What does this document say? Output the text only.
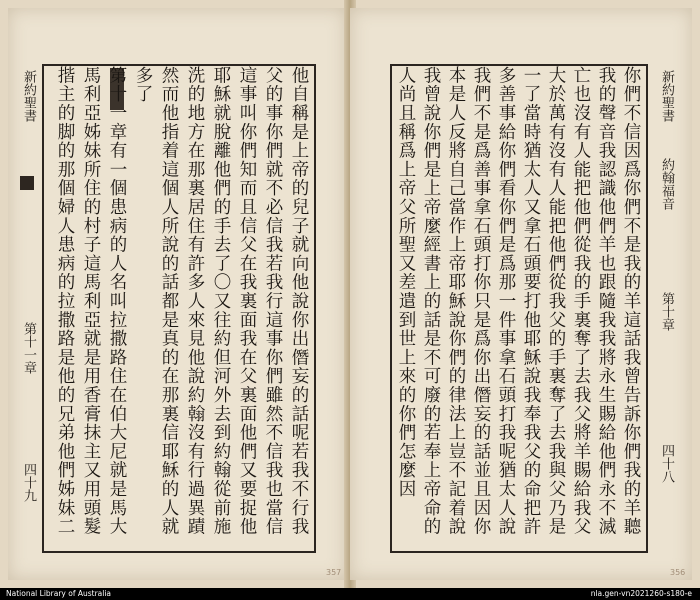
新約聖書
第十一章
四十九	他自稱是上帝的兒子就向他說你出僭妄的話呢若我不行我
父的事你們就不必信我若我行這事你們雖然不信我也當信
這事叫你們知而且信父在我裏面我在父裏面他們又要捉他
耶穌就脫離他們的手去了〇又往約但河外去到約翰從前施
洗的地方在那裏居住有許多人來見他說約翰沒有行過異蹟
然而他指着這個人所說的話都是真的在那裏信耶穌的人就
多了
第十一章有一個患病的人名叫拉撒路住在伯大尼就是馬大
馬利亞姊妹所住的村子這馬利亞就是用香膏抹主又用頭髮
揩主的脚的那個婦人患病的拉撒路是他的兄弟他們姊妹二
357
你們不信因爲你們不是我的羊這話我曾告訴你們我的羊聽
我的聲音我認識他們羊也跟隨我我將永生賜給他們永不滅
亡也沒有人能把他們從我的手裏奪了去我父將羊賜給我父
大於萬有沒有人能把他們從我父的手裏奪了去我與父乃是
一了當時猶太人又拿石頭要打他耶穌說我奉我父的命把許
多善事給你們看你們是爲那一件事拿石頭打我呢猶太人說
我們不是爲善事拿石頭打你只是爲你出僭妄的話並且因你
本是人反將自己當作上帝耶穌說你們的律法上豈不記着說
我曾說你們是上帝麼經書上的話是不可廢的若奉上帝命的
人尚且稱爲上帝父所聖又差遣到世上來的你們怎麼因	新約聖書
約翰福音
第十章
四十八
356
National Library of Australia	nla.gen-vn2021260-s180-e
